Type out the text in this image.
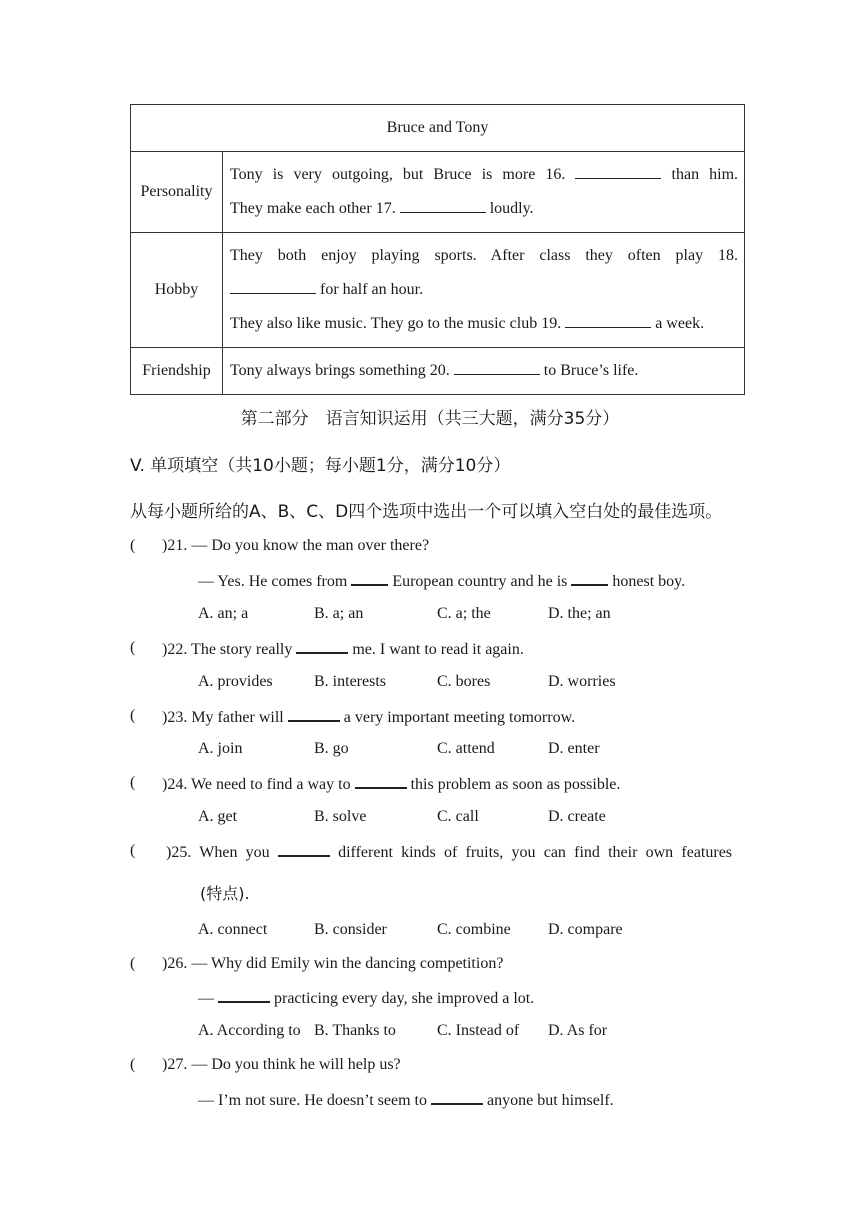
Bruce and Tony	
Personality	Tony is very outgoing, but Bruce is more 16. than him.
They make each other 17. loudly.

Hobby	They both enjoy playing sports. After class they often play 18.
for half an hour.
They also like music. They go to the music club 19. a week.

Friendship	Tony always brings something 20. to Bruce’s life.
第二部分　语言知识运用（共三大题，满分35分）
V. 单项填空（共10小题；每小题1分，满分10分）
从每小题所给的A、B、C、D四个选项中选出一个可以填入空白处的最佳选项。
( )21. — Do you know the man over there?
— Yes. He comes from	European country and he is	honest boy.
A. an; a	B. a; an	C. a; the	D. the; an
( )22. The story really	me. I want to read it again.
A. provides	B. interests	C. bores	D. worries
( )23. My father will	a very important meeting tomorrow.
A. join	B. go	C. attend	D. enter
( )24. We need to find a way to	this problem as soon as possible.
A. get	B. solve	C. call	D. create
( )25. When you	different kinds of fruits, you can find their own features
(特点).
A. connect	B. consider	C. combine D. compare
( )26. — Why did Emily win the dancing competition?
—	practicing every day, she improved a lot.
A. According to B. Thanks to	C. Instead of D. As for
( )27. — Do you think he will help us?
— I’m not sure. He doesn’t seem to	anyone but himself.
